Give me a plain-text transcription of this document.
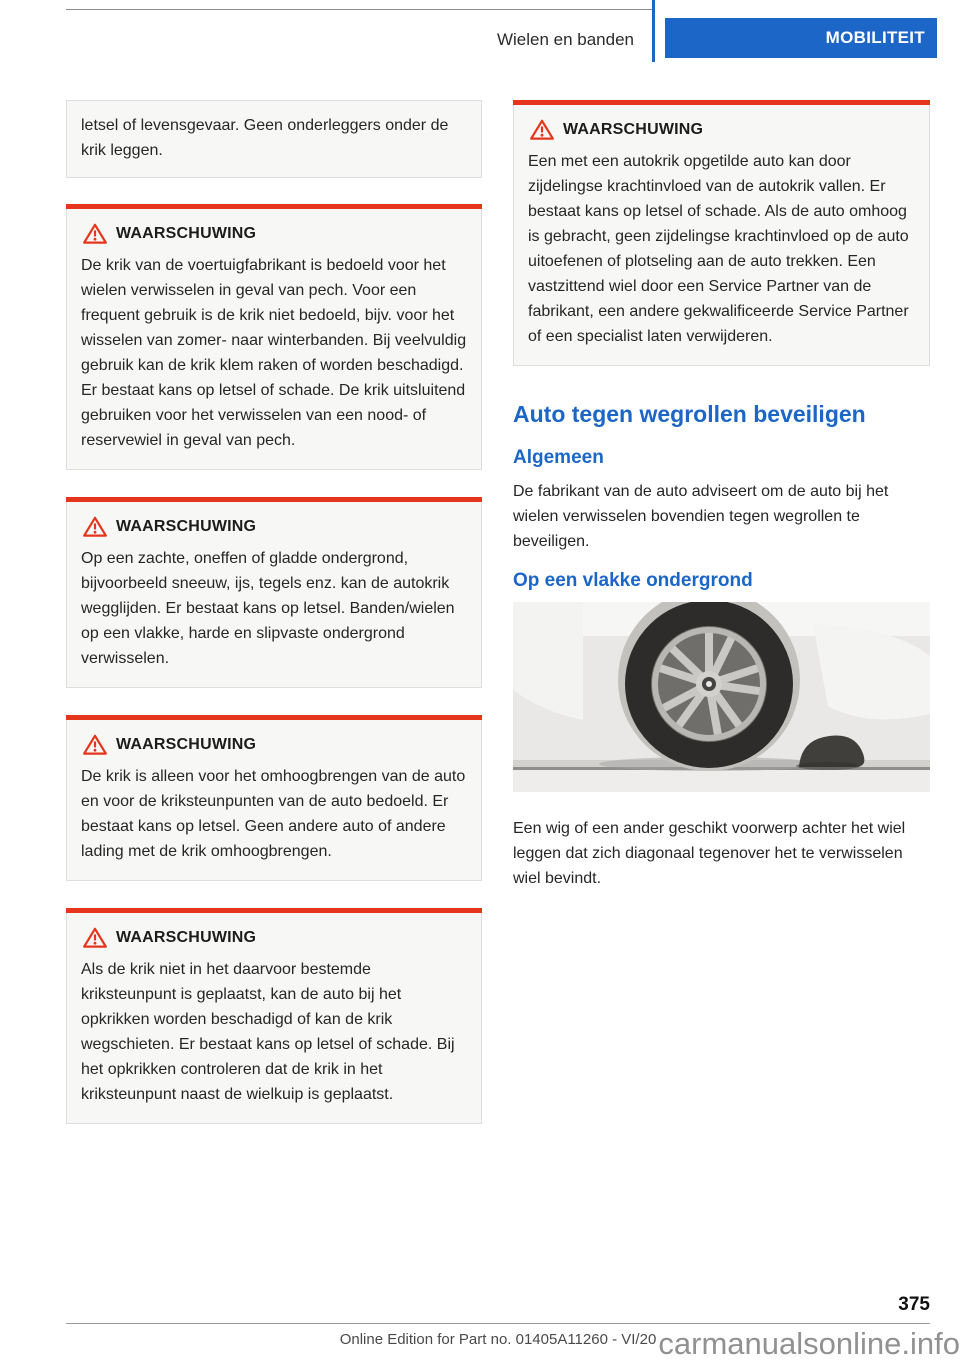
Wielen en banden	MOBILITEIT

letsel of levensgevaar. Geen onderleggers onder de krik leggen.

WAARSCHUWING

De krik van de voertuigfabrikant is bedoeld voor het wielen verwisselen in geval van pech. Voor een frequent gebruik is de krik niet bedoeld, bijv. voor het wisselen van zomer- naar winterbanden. Bij veelvuldig gebruik kan de krik klem raken of worden beschadigd. Er bestaat kans op letsel of schade. De krik uitsluitend gebruiken voor het verwisselen van een nood- of reservewiel in geval van pech.

WAARSCHUWING

Op een zachte, oneffen of gladde ondergrond, bijvoorbeeld sneeuw, ijs, tegels enz. kan de autokrik wegglijden. Er bestaat kans op letsel. Banden/wielen op een vlakke, harde en slipvaste ondergrond verwisselen.

WAARSCHUWING

De krik is alleen voor het omhoogbrengen van de auto en voor de kriksteunpunten van de auto bedoeld. Er bestaat kans op letsel. Geen andere auto of andere lading met de krik omhoogbrengen.

WAARSCHUWING

Als de krik niet in het daarvoor bestemde kriksteunpunt is geplaatst, kan de auto bij het opkrikken worden beschadigd of kan de krik wegschieten. Er bestaat kans op letsel of schade. Bij het opkrikken controleren dat de krik in het kriksteunpunt naast de wielkuip is geplaatst.

WAARSCHUWING

Een met een autokrik opgetilde auto kan door zijdelingse krachtinvloed van de autokrik vallen. Er bestaat kans op letsel of schade. Als de auto omhoog is gebracht, geen zijdelingse krachtinvloed op de auto uitoefenen of plotseling aan de auto trekken. Een vastzittend wiel door een Service Partner van de fabrikant, een andere gekwalificeerde Service Partner of een specialist laten verwijderen.

Auto tegen wegrollen beveiligen
Algemeen

De fabrikant van de auto adviseert om de auto bij het wielen verwisselen bovendien tegen wegrollen te beveiligen.

Op een vlakke ondergrond

Een wig of een ander geschikt voorwerp achter het wiel leggen dat zich diagonaal tegenover het te verwisselen wiel bevindt.

375
Online Edition for Part no. 01405A11260 - VI/20 carmanualsonline.info
